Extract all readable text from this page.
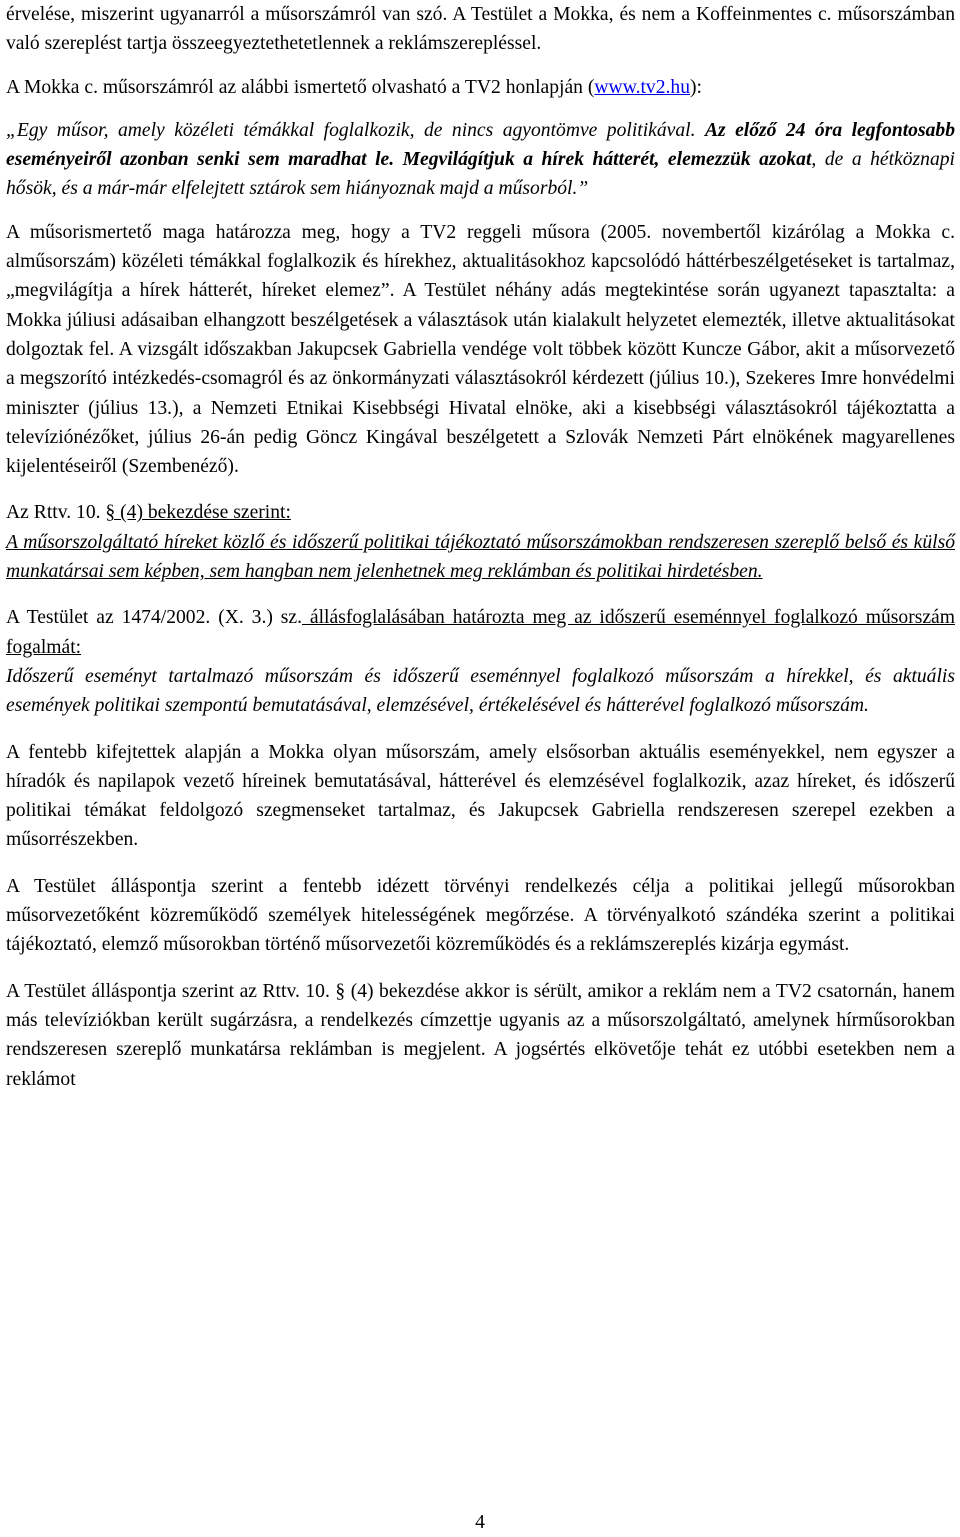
érvelése, miszerint ugyanarról a műsorszámról van szó. A Testület a Mokka, és nem a Koffeinmentes c. műsorszámban való szereplést tartja összeegyeztethetetlennek a reklámszerepléssel.

A Mokka c. műsorszámról az alábbi ismertető olvasható a TV2 honlapján (www.tv2.hu):

„Egy műsor, amely közéleti témákkal foglalkozik, de nincs agyontömve politikával. Az előző 24 óra legfontosabb eseményeiről azonban senki sem maradhat le. Megvilágítjuk a hírek hátterét, elemezzük azokat, de a hétköznapi hősök, és a már-már elfelejtett sztárok sem hiányoznak majd a műsorból.”

A műsorismertető maga határozza meg, hogy a TV2 reggeli műsora (2005. novembertől kizárólag a Mokka c. alműsorszám) közéleti témákkal foglalkozik és hírekhez, aktualitásokhoz kapcsolódó háttérbeszélgetéseket is tartalmaz, „megvilágítja a hírek hátterét, híreket elemez”. A Testület néhány adás megtekintése során ugyanezt tapasztalta: a Mokka júliusi adásaiban elhangzott beszélgetések a választások után kialakult helyzetet elemezték, illetve aktualitásokat dolgoztak fel. A vizsgált időszakban Jakupcsek Gabriella vendége volt többek között Kuncze Gábor, akit a műsorvezető a megszorító intézkedés-csomagról és az önkormányzati választásokról kérdezett (július 10.), Szekeres Imre honvédelmi miniszter (július 13.), a Nemzeti Etnikai Kisebbségi Hivatal elnöke, aki a kisebbségi választásokról tájékoztatta a televíziónézőket, július 26-án pedig Göncz Kingával beszélgetett a Szlovák Nemzeti Párt elnökének magyarellenes kijelentéseiről (Szembenéző).

Az Rttv. 10. § (4) bekezdése szerint:

A műsorszolgáltató híreket közlő és időszerű politikai tájékoztató műsorszámokban rendszeresen szereplő belső és külső munkatársai sem képben, sem hangban nem jelenhetnek meg reklámban és politikai hirdetésben.

A Testület az 1474/2002. (X. 3.) sz. állásfoglalásában határozta meg az időszerű eseménnyel foglalkozó műsorszám fogalmát:

Időszerű eseményt tartalmazó műsorszám és időszerű eseménnyel foglalkozó műsorszám a hírekkel, és aktuális események politikai szempontú bemutatásával, elemzésével, értékelésével és hátterével foglalkozó műsorszám.

A fentebb kifejtettek alapján a Mokka olyan műsorszám, amely elsősorban aktuális eseményekkel, nem egyszer a híradók és napilapok vezető híreinek bemutatásával, hátterével és elemzésével foglalkozik, azaz híreket, és időszerű politikai témákat feldolgozó szegmenseket tartalmaz, és Jakupcsek Gabriella rendszeresen szerepel ezekben a műsorrészekben.

A Testület álláspontja szerint a fentebb idézett törvényi rendelkezés célja a politikai jellegű műsorokban műsorvezetőként közreműködő személyek hitelességének megőrzése. A törvényalkotó szándéka szerint a politikai tájékoztató, elemző műsorokban történő műsorvezetői közreműködés és a reklámszereplés kizárja egymást.

A Testület álláspontja szerint az Rttv. 10. § (4) bekezdése akkor is sérült, amikor a reklám nem a TV2 csatornán, hanem más televíziókban került sugárzásra, a rendelkezés címzettje ugyanis az a műsorszolgáltató, amelynek hírműsorokban rendszeresen szereplő munkatársa reklámban is megjelent. A jogsértés elkövetője tehát ez utóbbi esetekben nem a reklámot

4
